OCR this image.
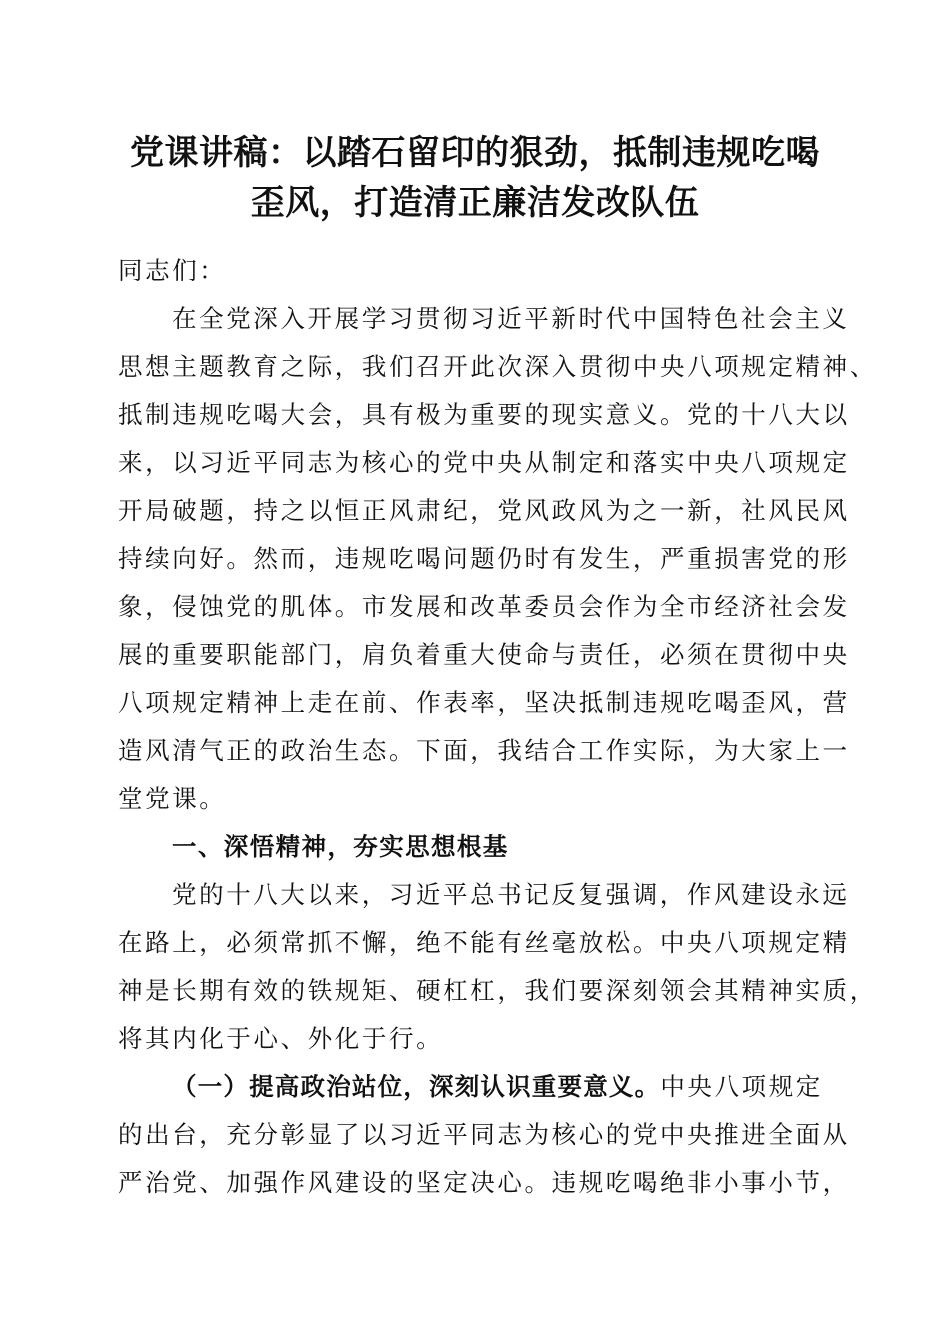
党课讲稿：以踏石留印的狠劲，抵制违规吃喝
歪风，打造清正廉洁发改队伍
同志们：
在全党深入开展学习贯彻习近平新时代中国特色社会主义
思想主题教育之际，我们召开此次深入贯彻中央八项规定精神、
抵制违规吃喝大会，具有极为重要的现实意义。党的十八大以
来，以习近平同志为核心的党中央从制定和落实中央八项规定
开局破题，持之以恒正风肃纪，党风政风为之一新，社风民风
持续向好。然而，违规吃喝问题仍时有发生，严重损害党的形
象，侵蚀党的肌体。市发展和改革委员会作为全市经济社会发
展的重要职能部门，肩负着重大使命与责任，必须在贯彻中央
八项规定精神上走在前、作表率，坚决抵制违规吃喝歪风，营
造风清气正的政治生态。下面，我结合工作实际，为大家上一
堂党课。
一、深悟精神，夯实思想根基
党的十八大以来，习近平总书记反复强调，作风建设永远
在路上，必须常抓不懈，绝不能有丝毫放松。中央八项规定精
神是长期有效的铁规矩、硬杠杠，我们要深刻领会其精神实质，
将其内化于心、外化于行。
（一）提高政治站位，深刻认识重要意义。中央八项规定
的出台，充分彰显了以习近平同志为核心的党中央推进全面从
严治党、加强作风建设的坚定决心。违规吃喝绝非小事小节，
